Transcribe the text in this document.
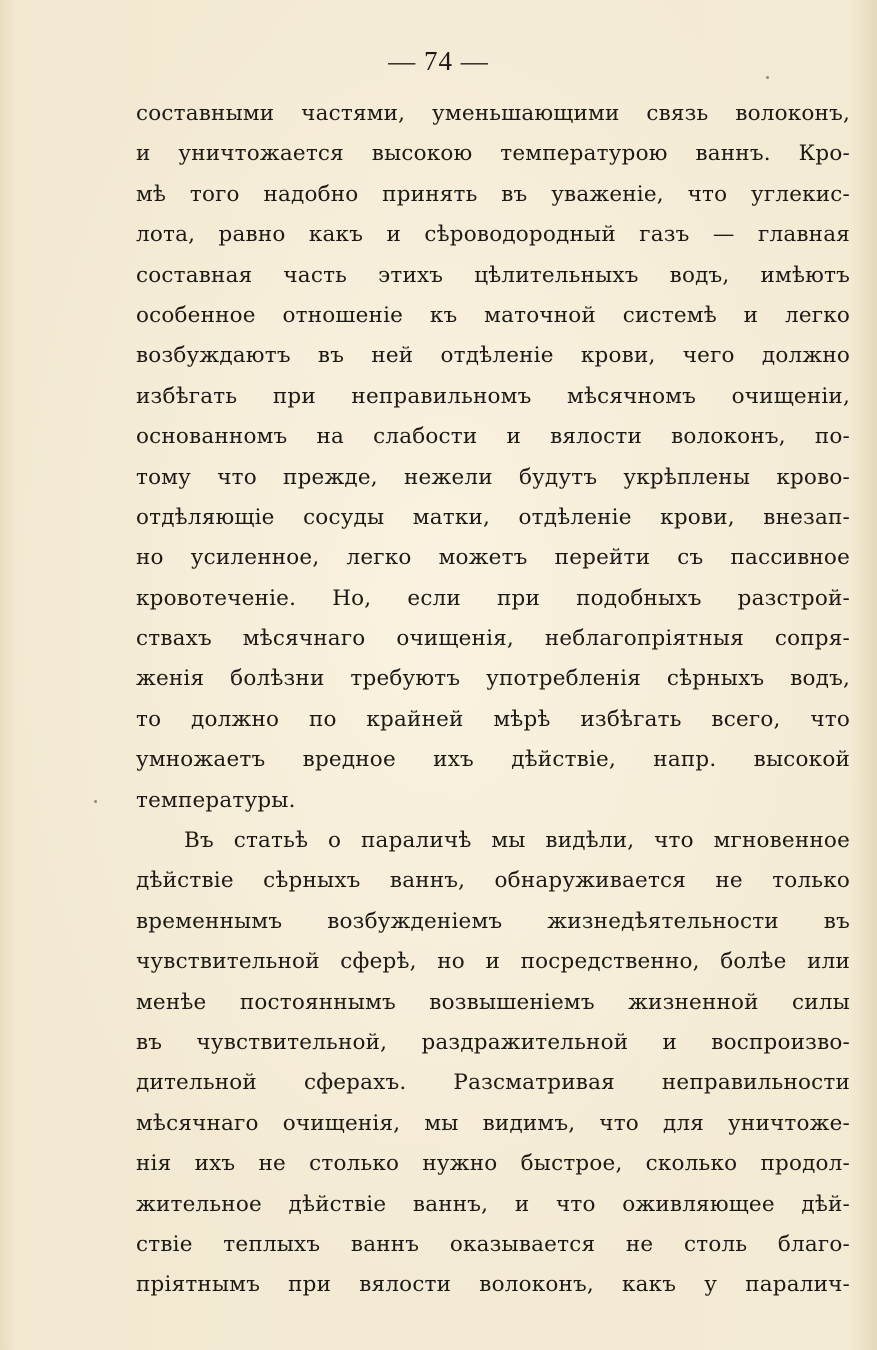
— 74 —
составными частями, уменьшающими связь волоконъ,
и уничтожается высокою температурою ваннъ. Кро-
мѣ того надобно принять въ уваженіе, что углекис-
лота, равно какъ и сѣроводородный газъ — главная
составная часть этихъ цѣлительныхъ водъ, имѣютъ
особенное отношеніе къ маточной системѣ и легко
возбуждаютъ въ ней отдѣленіе крови, чего должно
избѣгать при неправильномъ мѣсячномъ очищеніи,
основанномъ на слабости и вялости волоконъ, по-
тому что прежде, нежели будутъ укрѣплены крово-
отдѣляющіе сосуды матки, отдѣленіе крови, внезап-
но усиленное, легко можетъ перейти съ пассивное
кровотеченіе. Но, если при подобныхъ разстрой-
ствахъ мѣсячнаго очищенія, неблагопріятныя сопря-
женія болѣзни требуютъ употребленія сѣрныхъ водъ,
то должно по крайней мѣрѣ избѣгать всего, что
умножаетъ вредное ихъ дѣйствіе, напр. высокой
температуры.
Въ статьѣ о параличѣ мы видѣли, что мгновенное
дѣйствіе сѣрныхъ ваннъ, обнаруживается не только
временнымъ возбужденіемъ жизнедѣятельности въ
чувствительной сферѣ, но и посредственно, болѣе или
менѣе постояннымъ возвышеніемъ жизненной силы
въ чувствительной, раздражительной и воспроизво-
дительной сферахъ. Разсматривая неправильности
мѣсячнаго очищенія, мы видимъ, что для уничтоже-
нія ихъ не столько нужно быстрое, сколько продол-
жительное дѣйствіе ваннъ, и что оживляющее дѣй-
ствіе теплыхъ ваннъ оказывается не столь благо-
пріятнымъ при вялости волоконъ, какъ у паралич-
